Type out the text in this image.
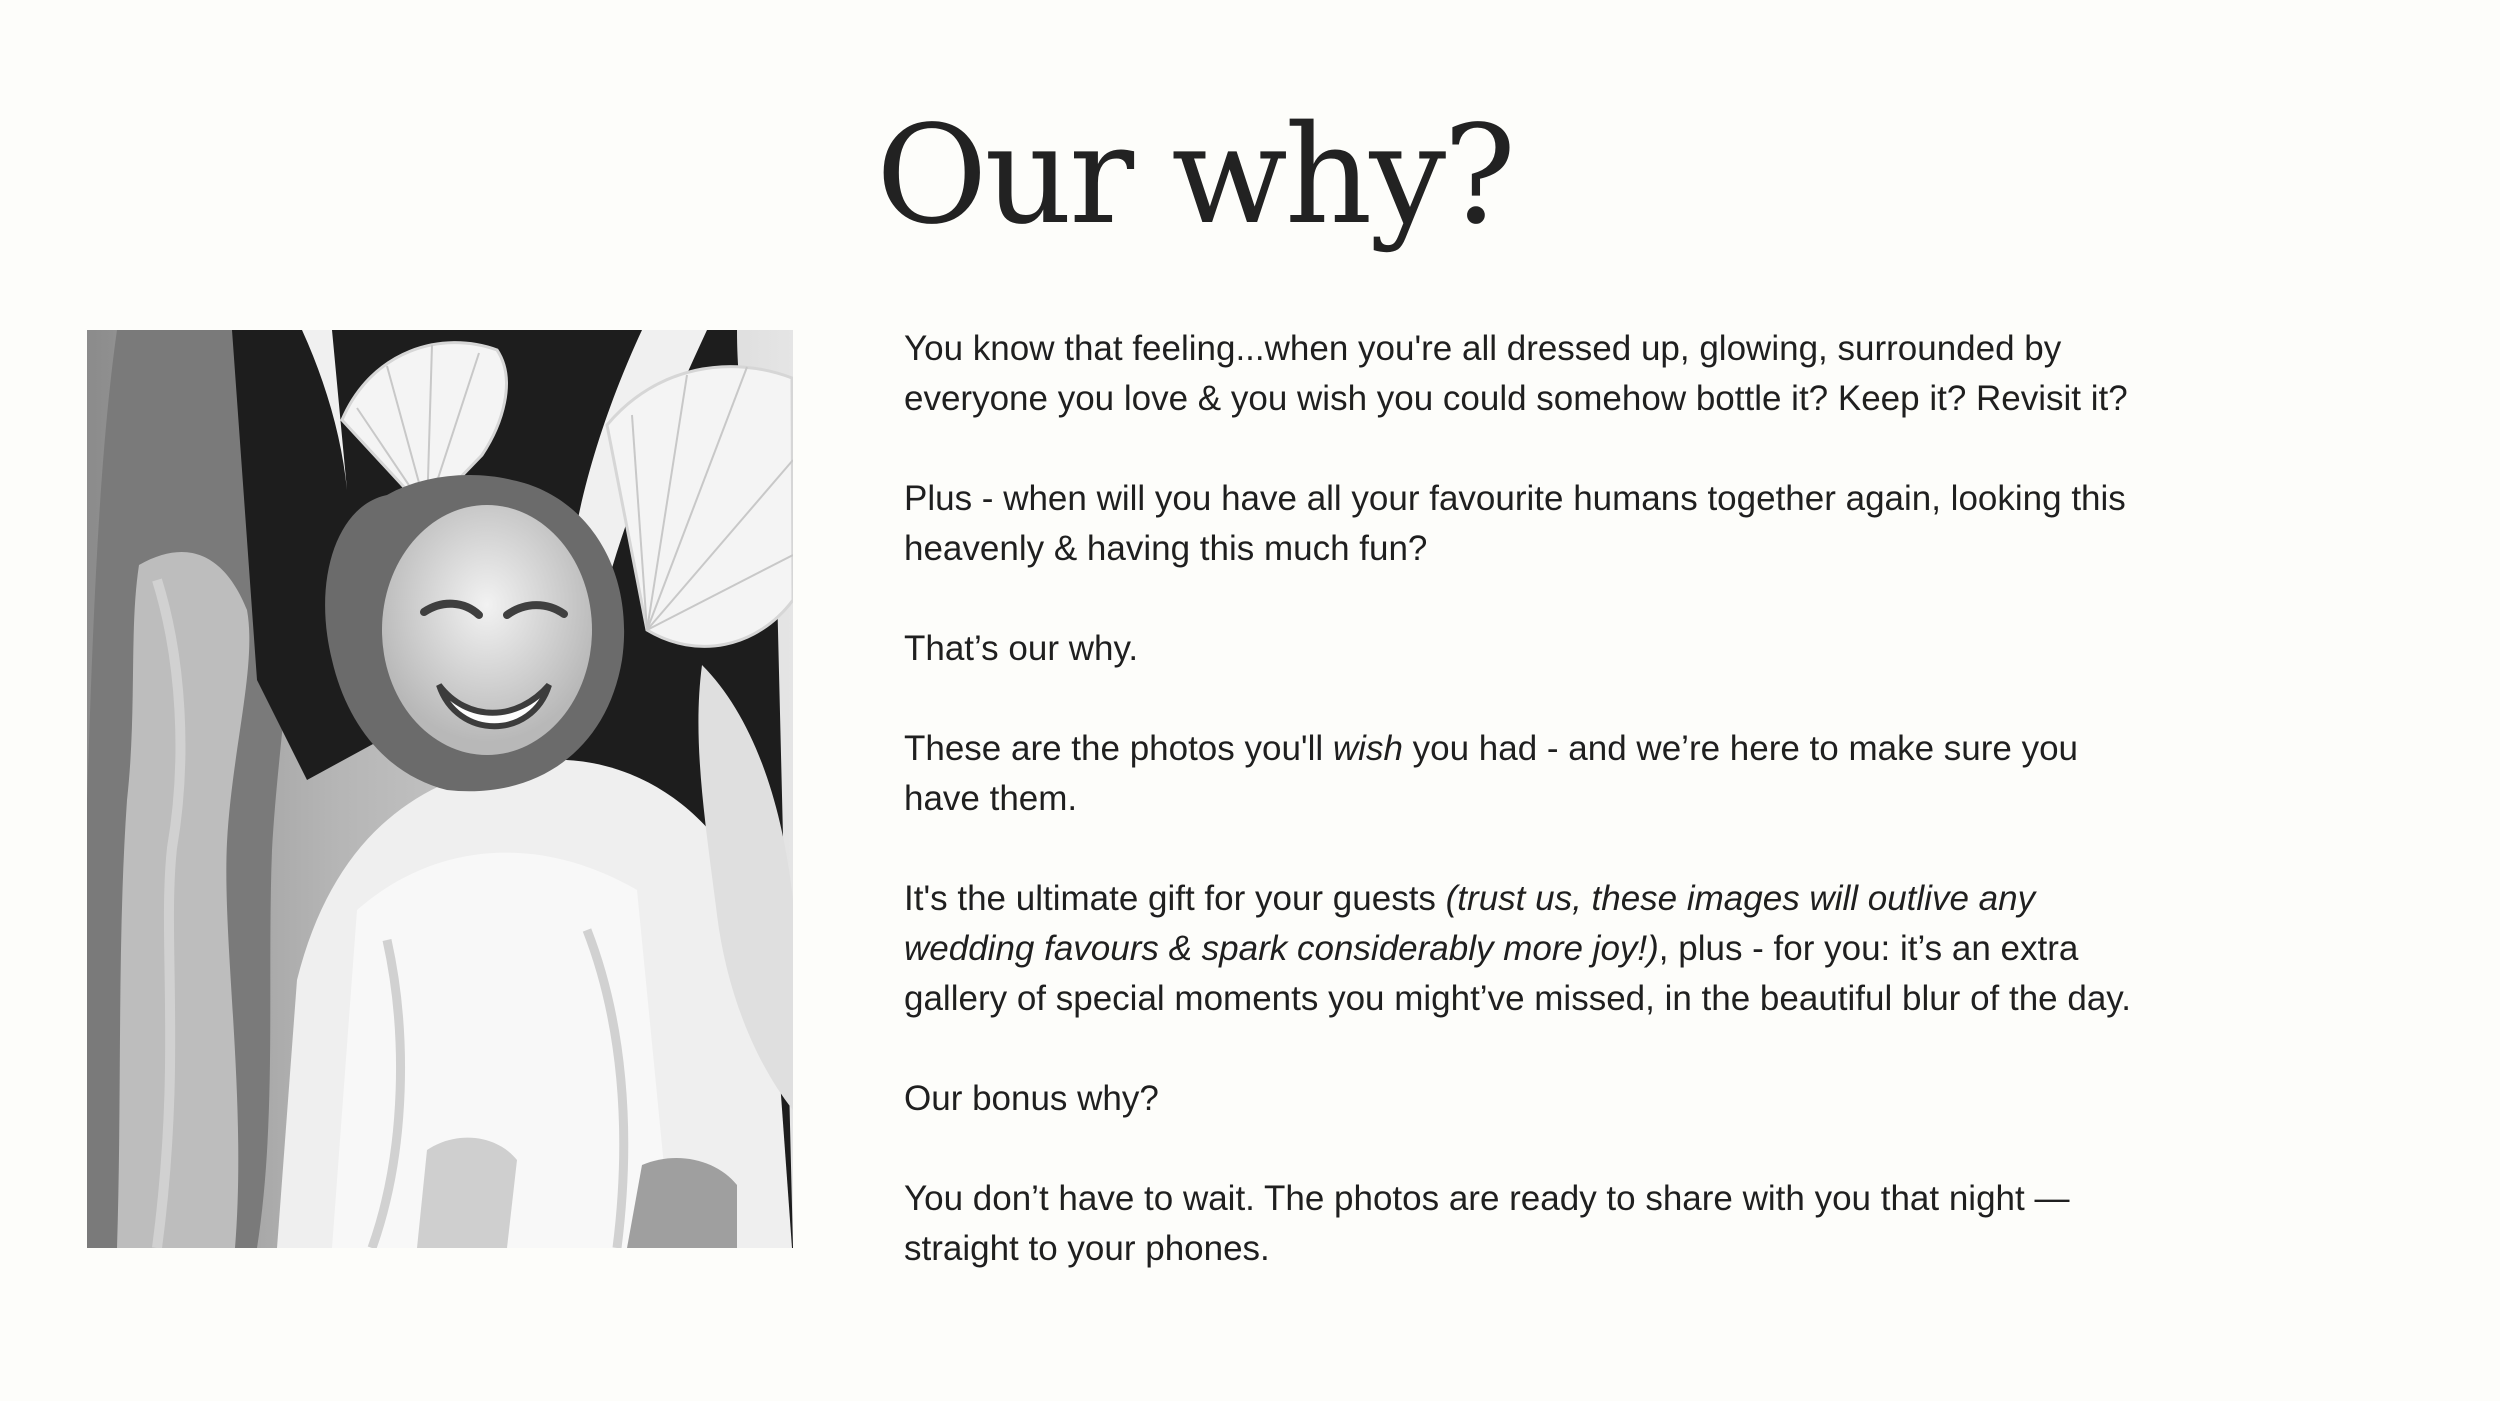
Our why?

You know that feeling...when you're all dressed up, glowing, surrounded by everyone you love & you wish you could somehow bottle it? Keep it? Revisit it?

Plus - when will you have all your favourite humans together again, looking this heavenly & having this much fun?

That’s our why.

These are the photos you'll wish you had - and we’re here to make sure you have them.

It's the ultimate gift for your guests (trust us, these images will outlive any wedding favours & spark considerably more joy!), plus - for you: it’s an extra gallery of special moments you might’ve missed, in the beautiful blur of the day.

Our bonus why?

You don’t have to wait. The photos are ready to share with you that night — straight to your phones.
